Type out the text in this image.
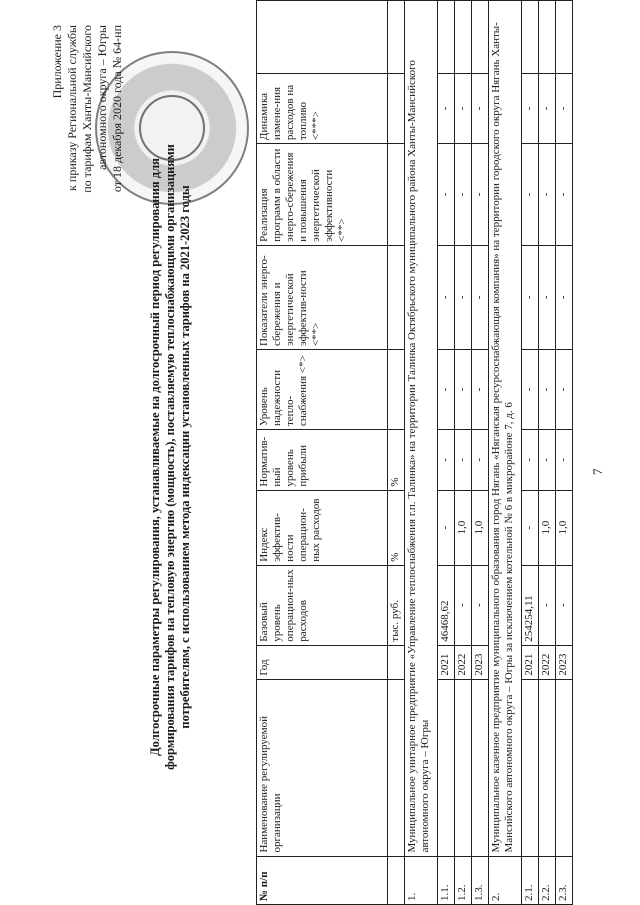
7
Приложение 3 к приказу Региональной службы по тарифам Ханты-Мансийского автономного округа – Югры от 18 декабря 2020 года № 64-нп
Долгосрочные параметры регулирования, устанавливаемые на долгосрочный период регулирования для формирования тарифов на тепловую энергию (мощность), поставляемую теплоснабжающими организациями потребителям, с использованием метода индексации установленных тарифов на 2021-2023 годы
№ п/п	Наименование регулируемой организации	Год	Базовый уровень операцион-ных расходов	Индекс эффектив-ности операцион-ных расходов	Норматив-ный уровень прибыли	Уровень надежности тепло-снабжения <*>	Показатели энерго-сбережения и энергетической эффектив-ности <**>	Реализация программ в области энерго-сбережения и повышения энергетической эффективности <**>	Динамика измене-ния расходов на топливо <***>	
			тыс. руб.	%	%					
1.	Муниципальное унитарное предприятие «Управление теплоснабжения г.п. Талинка» на территории Талинка Октябрьского муниципального района Ханты-Мансийского автономного округа – Югры									
1.1.		2021	46468,62	-	-	-	-	-	-	
1.2.		2022	-	1,0	-	-	-	-	-	
1.3.		2023	-	1,0	-	-	-	-	-	
2.	Муниципальное казенное предприятие муниципального образования город Нягань «Няганская ресурсоснабжающая компания» на территории городского округа Нягань Ханты-Мансийского автономного округа – Югры за исключением котельной № 6 в микрорайоне 7, д. 6									
2.1.		2021	254254,11	-	-	-	-	-	-	
2.2.		2022	-	1,0	-	-	-	-	-	
2.3.		2023	-	1,0	-	-	-	-	-	
